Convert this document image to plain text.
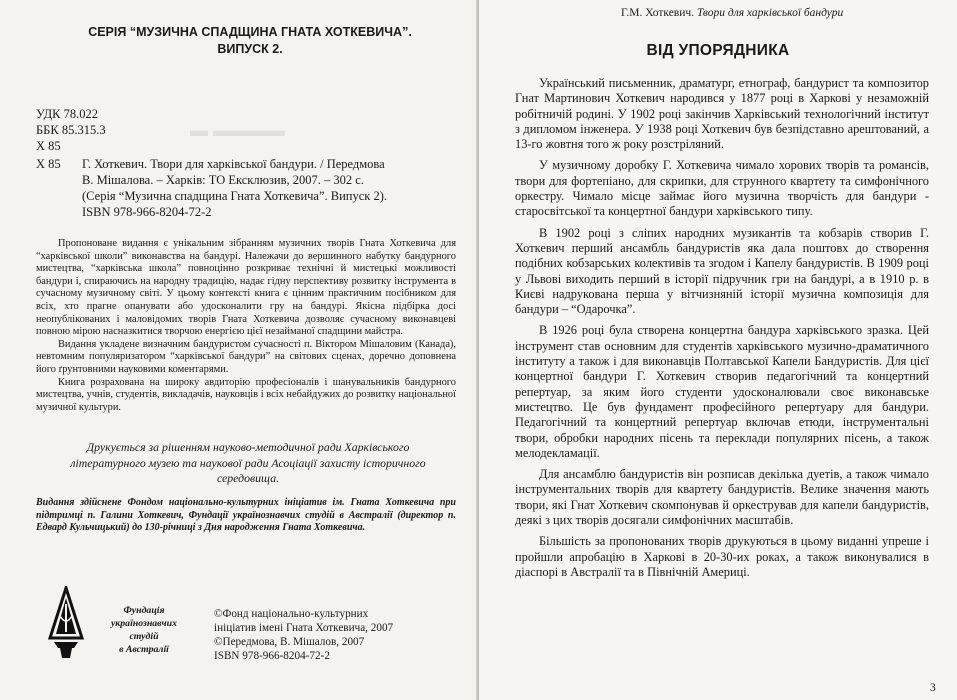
▬ ▬▬▬▬
СЕРІЯ “МУЗИЧНА СПАДЩИНА ГНАТА ХОТКЕВИЧА”.
ВИПУСК 2.
УДК 78.022
ББК 85.315.3
Х 85
Х 85 Г. Хоткевич. Твори для харківської бандури. / Передмова
В. Мішалова. – Харків: ТО Ексклюзив, 2007. – 302 с.
(Серія “Музична спадщина Гната Хоткевича”. Випуск 2).
ISBN 978-966-8204-72-2

Пропоноване видання є унікальним зібранням музичних творів Гната Хоткевича для “харківської школи” виконавства на бандурі. Належачи до вершинного набутку бандурного мистецтва, “харківська школа” повноцінно розкриває технічні й мистецькі можливості бандури і, спираючись на народну традицію, надає гідну перспективу розвитку інструмента в сучасному музичному світі. У цьому контексті книга є цінним практичним посібником для всіх, хто прагне опанувати або удосконалити гру на бандурі. Якісна підбірка досі неопублікованих і маловідомих творів Гната Хоткевича дозволяє сучасному виконавцеві повною мірою насназкитися творчою енергією цієї незайманої спадщини майстра.

Видання укладене визначним бандуристом сучасності п. Віктором Мішаловим (Канада), невтомним популяризатором “харківської бандури” на світових сценах, доречно доповнена його ґрунтовними науковими коментарями.

Книга розрахована на широку авдиторію професіоналів і шанувальників бандурного мистецтва, учнів, студентів, викладачів, науковців і всіх небайдужих до розвитку національної музичної культури.

Друкується за рішенням науково-методичної ради Харківського літературного музею та наукової ради Асоціації захисту історичного середовища.
Видання здійснене Фондом національно-культурних ініціатив ім. Гната Хоткевича при підтримці п. Галини Хоткевич, Фундації українознавчих студій в Австралії (директор п. Едвард Кульчицький) до 130-річниці з Дня народження Гната Хоткевича.
Фундація
українознавчих
студій
в Австралії
©Фонд національно-культурних
ініціатив імені Гната Хоткевича, 2007
©Передмова, В. Мішалов, 2007
ISBN 978-966-8204-72-2
Г.М. Хоткевич. Твори для харківської бандури
ВІД УПОРЯДНИКА

Український письменник, драматург, етнограф, бандурист та композитор Гнат Мартинович Хоткевич народився у 1877 році в Харкові у незаможній робітничій родині. У 1902 році закінчив Харківський технологічний інститут з дипломом інженера. У 1938 році Хоткевич був безпідставно арештований, а 13-го жовтня того ж року розстріляний.

У музичному доробку Г. Хоткевича чимало хорових творів та романсів, твори для фортепіано, для скрипки, для струнного квартету та симфонічного оркестру. Чимало місце займає його музична творчість для бандури - старосвітської та концертної бандури харківського типу.

В 1902 році з сліпих народних музикантів та кобзарів створив Г. Хоткевич перший ансамбль бандуристів яка дала поштовх до створення подібних кобзарських колективів та згодом і Капелу бандуристів. В 1909 році у Львові виходить перший в історії підручник гри на бандурі, а в 1910 р. в Києві надрукована перша у вітчизняній історії музична композиція для бандури – “Одарочка”.

В 1926 році була створена концертна бандура харківського зразка. Цей інструмент став основним для студентів харківського музично-драматичного інституту а також і для виконавців Полтавської Капели Бандуристів. Для цієї концертної бандури Г. Хоткевич створив педагогічний та концертний репертуар, за яким його студенти удосконалювали своє виконавське мистецтво. Це був фундамент професійного репертуару для бандури. Педагогічний та концертний репертуар включав етюди, інструментальні твори, обробки народних пісень та переклади популярних пісень, а також мелодекламації.

Для ансамблю бандуристів він розписав декілька дуетів, а також чимало інструментальних творів для квартету бандуристів. Велике значення мають твори, які Гнат Хоткевич скомпонував й оркестрував для капели бандуристів, деякі з цих творів досягали симфонічних масштабів.

Більшість за пропонованих творів друкуються в цьому виданні упреше і пройшли апробацію в Харкові в 20-30-их роках, а також виконувалися в діаспорі в Австралії та в Північній Америці.

3
